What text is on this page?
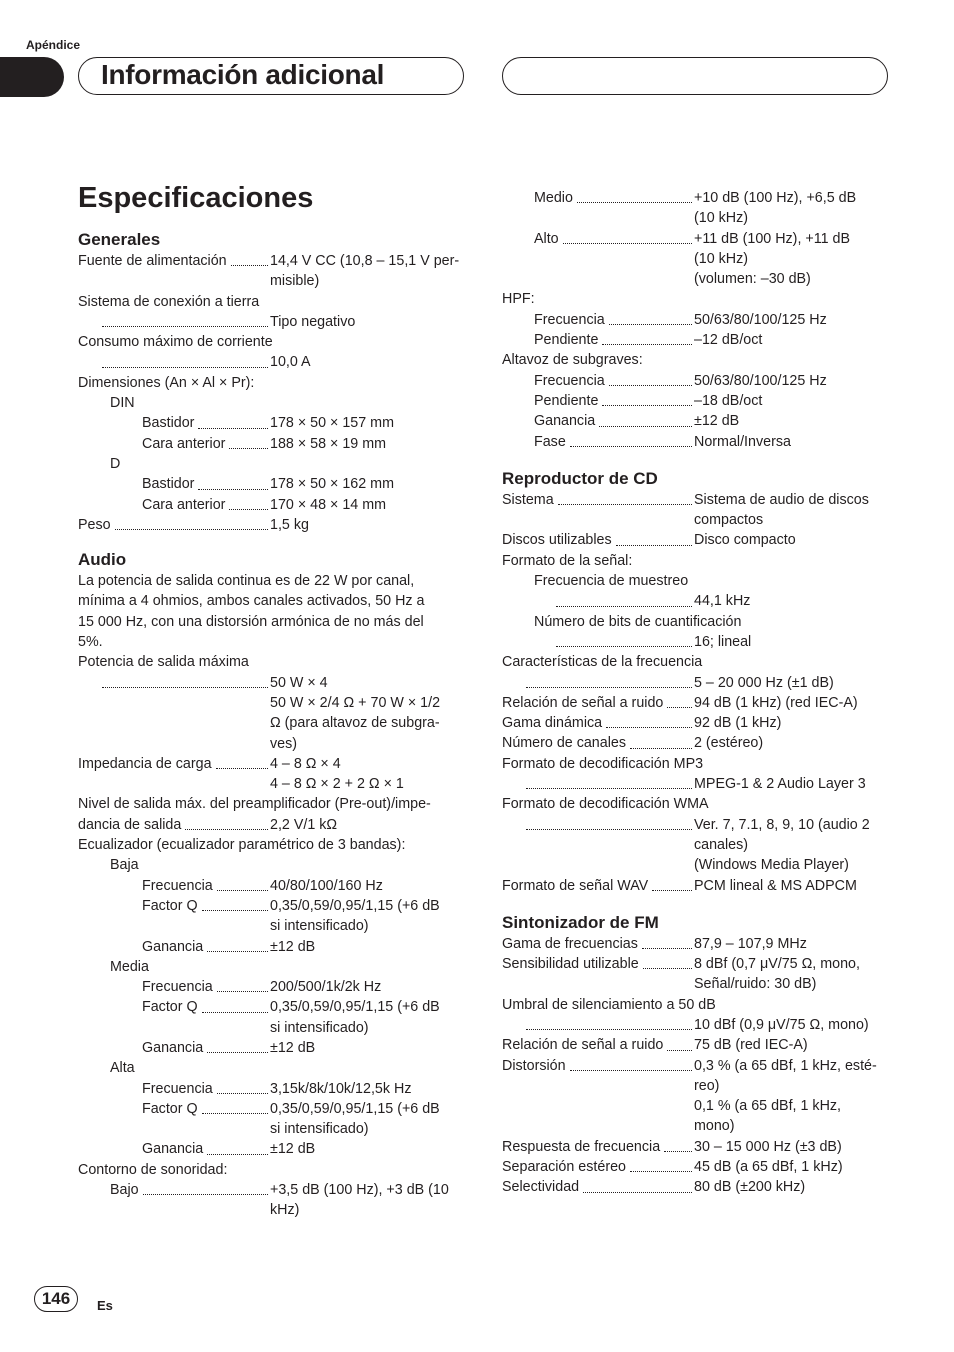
Apéndice
Información adicional
Especificaciones
Generales
Fuente de alimentación	14,4 V CC (10,8 – 15,1 V per-
misible)
Sistema de conexión a tierra
Tipo negativo
Consumo máximo de corriente
10,0 A
Dimensiones (An × Al × Pr):
DIN
Bastidor	178 × 50 × 157 mm
Cara anterior	188 × 58 × 19 mm
D
Bastidor	178 × 50 × 162 mm
Cara anterior	170 × 48 × 14 mm
Peso	1,5 kg
Audio
La potencia de salida continua es de 22 W por canal,
mínima a 4 ohmios, ambos canales activados, 50 Hz a
15 000 Hz, con una distorsión armónica de no más del
5%.
Potencia de salida máxima
50 W × 4
50 W × 2/4 Ω + 70 W × 1/2
Ω (para altavoz de subgra-
ves)
Impedancia de carga	4 – 8 Ω × 4
4 – 8 Ω × 2 + 2 Ω × 1
Nivel de salida máx. del preamplificador (Pre-out)/impe-
dancia de salida	2,2 V/1 kΩ
Ecualizador (ecualizador paramétrico de 3 bandas):
Baja
Frecuencia	40/80/100/160 Hz
Factor Q	0,35/0,59/0,95/1,15 (+6 dB
si intensificado)
Ganancia	±12 dB
Media
Frecuencia	200/500/1k/2k Hz
Factor Q	0,35/0,59/0,95/1,15 (+6 dB
si intensificado)
Ganancia	±12 dB
Alta
Frecuencia	3,15k/8k/10k/12,5k Hz
Factor Q	0,35/0,59/0,95/1,15 (+6 dB
si intensificado)
Ganancia	±12 dB
Contorno de sonoridad:
Bajo	+3,5 dB (100 Hz), +3 dB (10
kHz)
Medio	+10 dB (100 Hz), +6,5 dB
(10 kHz)
Alto	+11 dB (100 Hz), +11 dB
(10 kHz)
(volumen: –30 dB)
HPF:
Frecuencia	50/63/80/100/125 Hz
Pendiente	–12 dB/oct
Altavoz de subgraves:
Frecuencia	50/63/80/100/125 Hz
Pendiente	–18 dB/oct
Ganancia	±12 dB
Fase	Normal/Inversa
Reproductor de CD
Sistema	Sistema de audio de discos
compactos
Discos utilizables	Disco compacto
Formato de la señal:
Frecuencia de muestreo
44,1 kHz
Número de bits de cuantificación
16; lineal
Características de la frecuencia
5 – 20 000 Hz (±1 dB)
Relación de señal a ruido 94 dB (1 kHz) (red IEC-A)
Gama dinámica	92 dB (1 kHz)
Número de canales	2 (estéreo)
Formato de decodificación MP3
MPEG-1 & 2 Audio Layer 3
Formato de decodificación WMA
Ver. 7, 7.1, 8, 9, 10 (audio 2
canales)
(Windows Media Player)
Formato de señal WAV	PCM lineal & MS ADPCM
Sintonizador de FM
Gama de frecuencias	87,9 – 107,9 MHz
Sensibilidad utilizable	8 dBf (0,7 μV/75 Ω, mono,
Señal/ruido: 30 dB)
Umbral de silenciamiento a 50 dB
10 dBf (0,9 μV/75 Ω, mono)
Relación de señal a ruido 75 dB (red IEC-A)
Distorsión	0,3 % (a 65 dBf, 1 kHz, esté-
reo)
0,1 % (a 65 dBf, 1 kHz,
mono)
Respuesta de frecuencia 30 – 15 000 Hz (±3 dB)
Separación estéreo	45 dB (a 65 dBf, 1 kHz)
Selectividad	80 dB (±200 kHz)
146	Es
